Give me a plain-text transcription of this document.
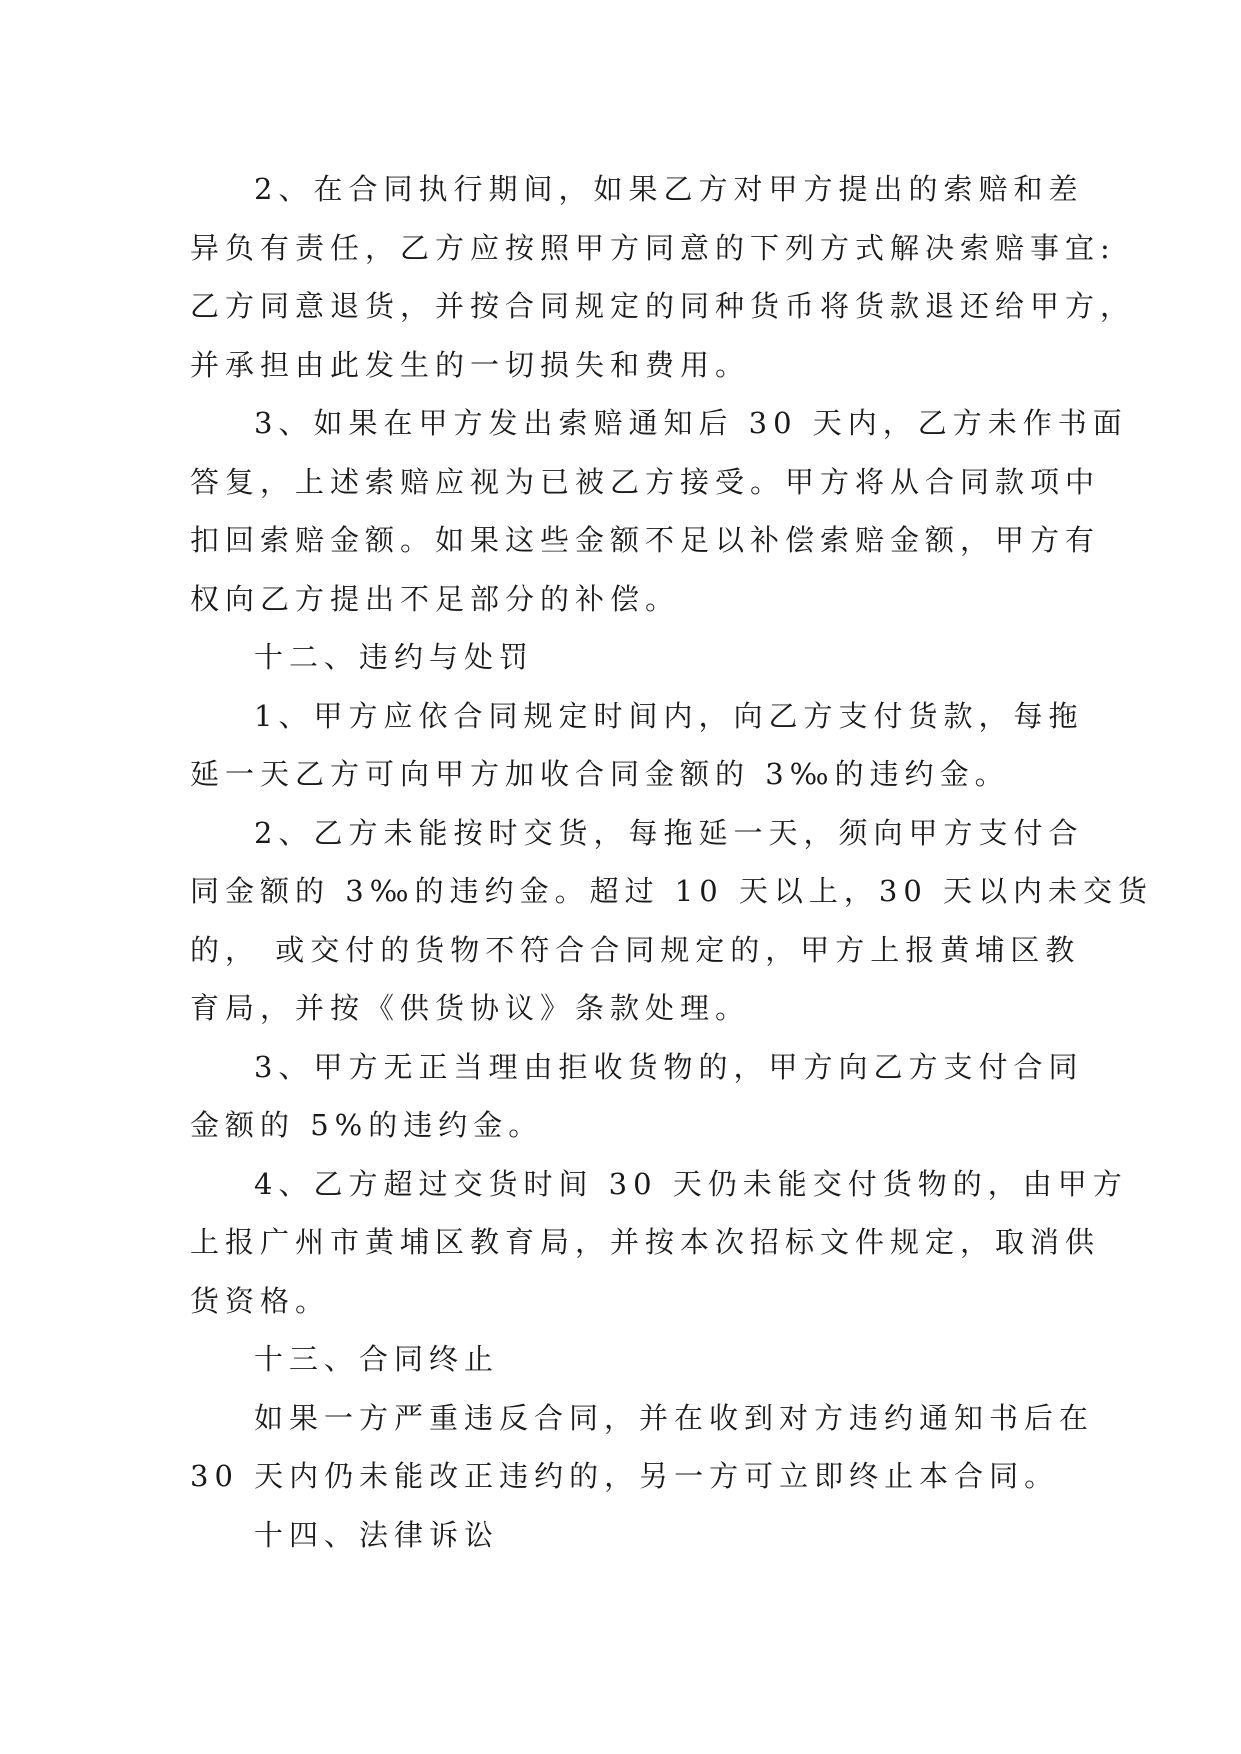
2、在合同执行期间，如果乙方对甲方提出的索赔和差
异负有责任，乙方应按照甲方同意的下列方式解决索赔事宜:
乙方同意退货，并按合同规定的同种货币将货款退还给甲方，
并承担由此发生的一切损失和费用。
3、如果在甲方发出索赔通知后 30 天内，乙方未作书面
答复，上述索赔应视为已被乙方接受。甲方将从合同款项中
扣回索赔金额。如果这些金额不足以补偿索赔金额，甲方有
权向乙方提出不足部分的补偿。
十二、违约与处罚
1、甲方应依合同规定时间内，向乙方支付货款，每拖
延一天乙方可向甲方加收合同金额的 3‰的违约金。
2、乙方未能按时交货，每拖延一天，须向甲方支付合
同金额的 3‰的违约金。超过 10 天以上，30 天以内未交货
的， 或交付的货物不符合合同规定的，甲方上报黄埔区教
育局，并按《供货协议》条款处理。
3、甲方无正当理由拒收货物的，甲方向乙方支付合同
金额的 5%的违约金。
4、乙方超过交货时间 30 天仍未能交付货物的，由甲方
上报广州市黄埔区教育局，并按本次招标文件规定，取消供
货资格。
十三、合同终止
如果一方严重违反合同，并在收到对方违约通知书后在
30 天内仍未能改正违约的，另一方可立即终止本合同。
十四、法律诉讼
